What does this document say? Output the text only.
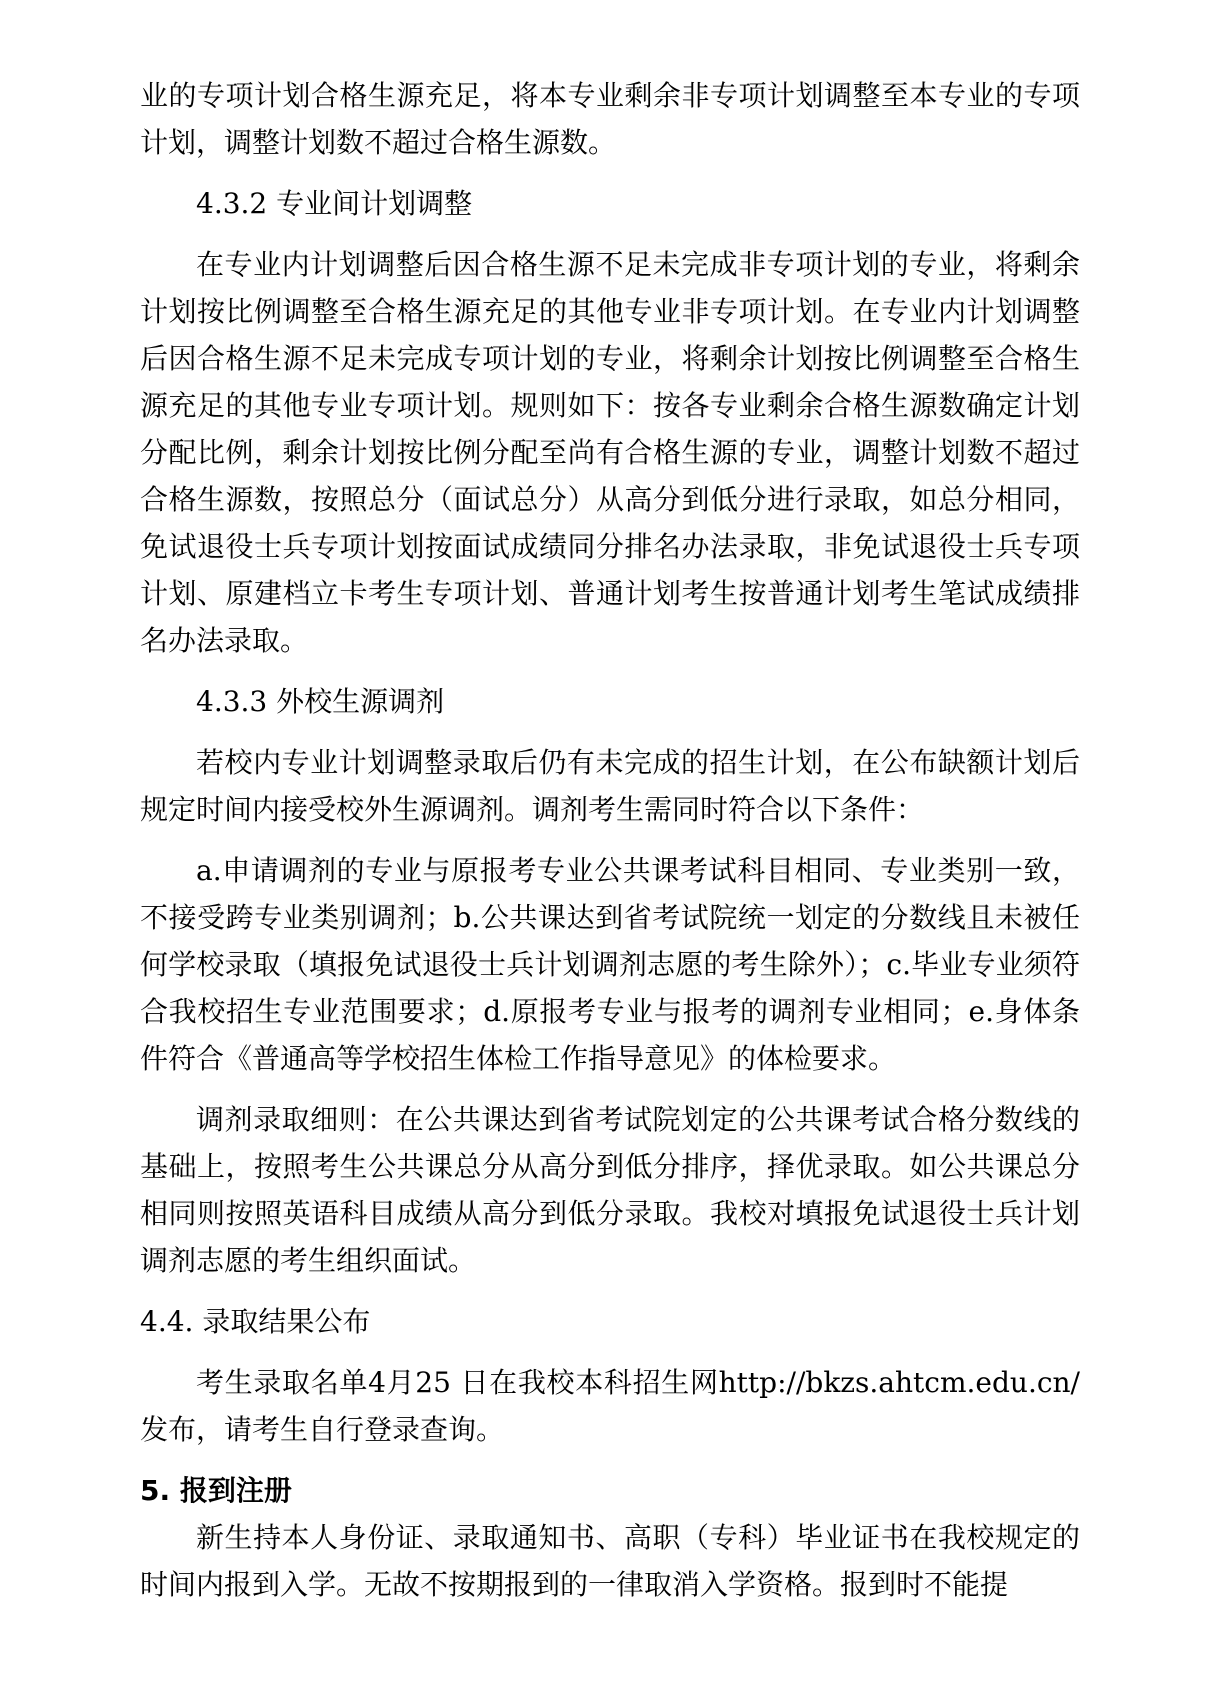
业的专项计划合格生源充足，将本专业剩余非专项计划调整至本专业的专项计划，调整计划数不超过合格生源数。

4.3.2 专业间计划调整

在专业内计划调整后因合格生源不足未完成非专项计划的专业，将剩余计划按比例调整至合格生源充足的其他专业非专项计划。在专业内计划调整后因合格生源不足未完成专项计划的专业，将剩余计划按比例调整至合格生源充足的其他专业专项计划。规则如下：按各专业剩余合格生源数确定计划分配比例，剩余计划按比例分配至尚有合格生源的专业，调整计划数不超过合格生源数，按照总分（面试总分）从高分到低分进行录取，如总分相同，免试退役士兵专项计划按面试成绩同分排名办法录取，非免试退役士兵专项计划、原建档立卡考生专项计划、普通计划考生按普通计划考生笔试成绩排名办法录取。

4.3.3 外校生源调剂

若校内专业计划调整录取后仍有未完成的招生计划，在公布缺额计划后规定时间内接受校外生源调剂。调剂考生需同时符合以下条件：

a.申请调剂的专业与原报考专业公共课考试科目相同、专业类别一致，不接受跨专业类别调剂；b.公共课达到省考试院统一划定的分数线且未被任何学校录取（填报免试退役士兵计划调剂志愿的考生除外）；c.毕业专业须符合我校招生专业范围要求；d.原报考专业与报考的调剂专业相同；e.身体条件符合《普通高等学校招生体检工作指导意见》的体检要求。

调剂录取细则：在公共课达到省考试院划定的公共课考试合格分数线的基础上，按照考生公共课总分从高分到低分排序，择优录取。如公共课总分相同则按照英语科目成绩从高分到低分录取。我校对填报免试退役士兵计划调剂志愿的考生组织面试。

4.4. 录取结果公布

考生录取名单4月25 日在我校本科招生网http://bkzs.ahtcm.edu.cn/发布，请考生自行登录查询。

5. 报到注册

新生持本人身份证、录取通知书、高职（专科）毕业证书在我校规定的时间内报到入学。无故不按期报到的一律取消入学资格。报到时不能提
